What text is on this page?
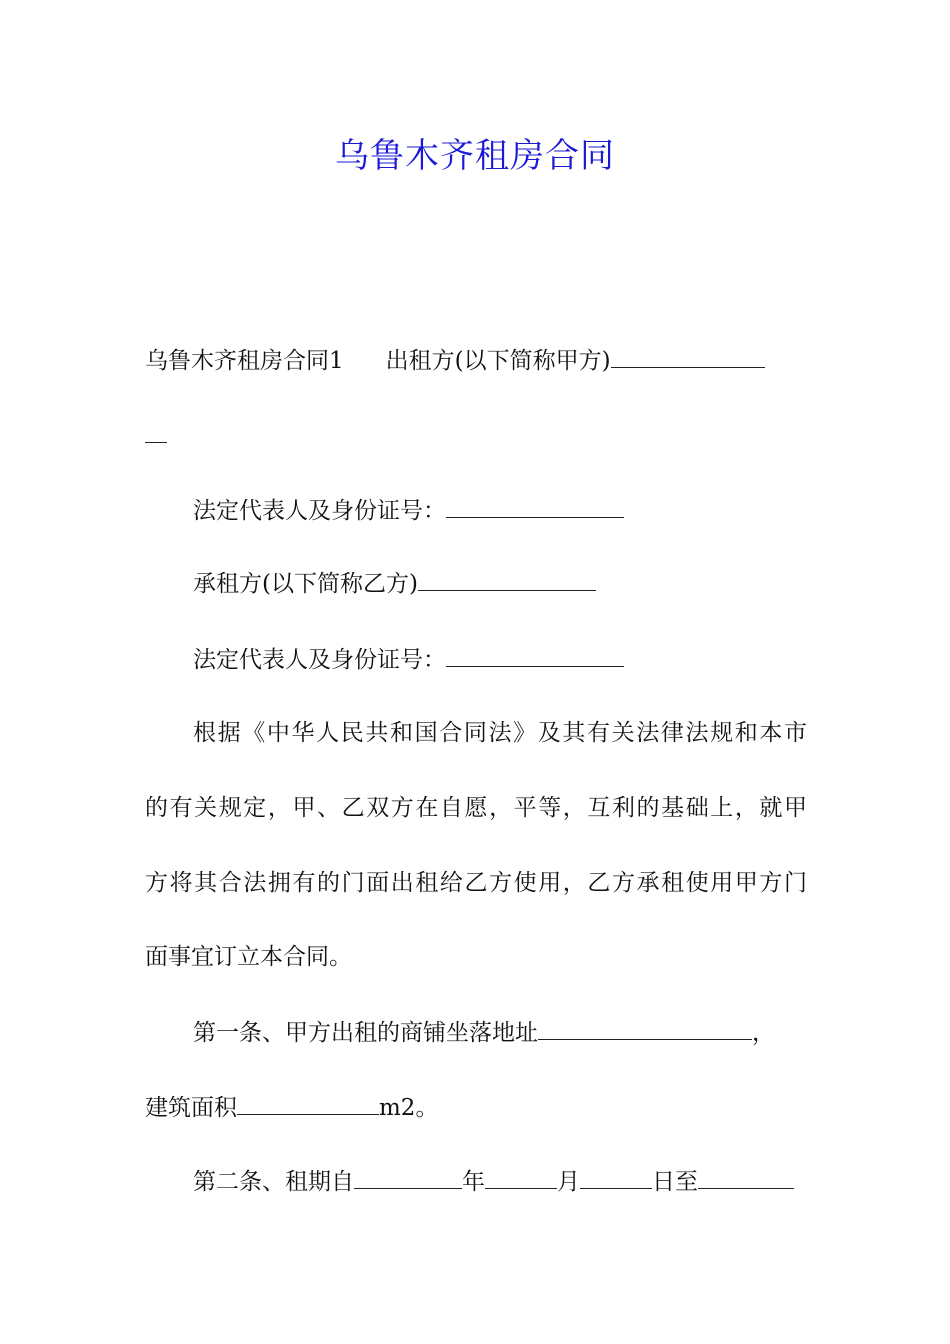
乌鲁木齐租房合同
乌鲁木齐租房合同1 出租方(以下简称甲方)
法定代表人及身份证号：
承租方(以下简称乙方)
法定代表人及身份证号：
根据《中华人民共和国合同法》及其有关法律法规和本市
的有关规定，甲、乙双方在自愿，平等，互利的基础上，就甲
方将其合法拥有的门面出租给乙方使用，乙方承租使用甲方门
面事宜订立本合同。
第一条、甲方出租的商铺坐落地址	，
建筑面积	m2。
第二条、租期自	年	月	日至
